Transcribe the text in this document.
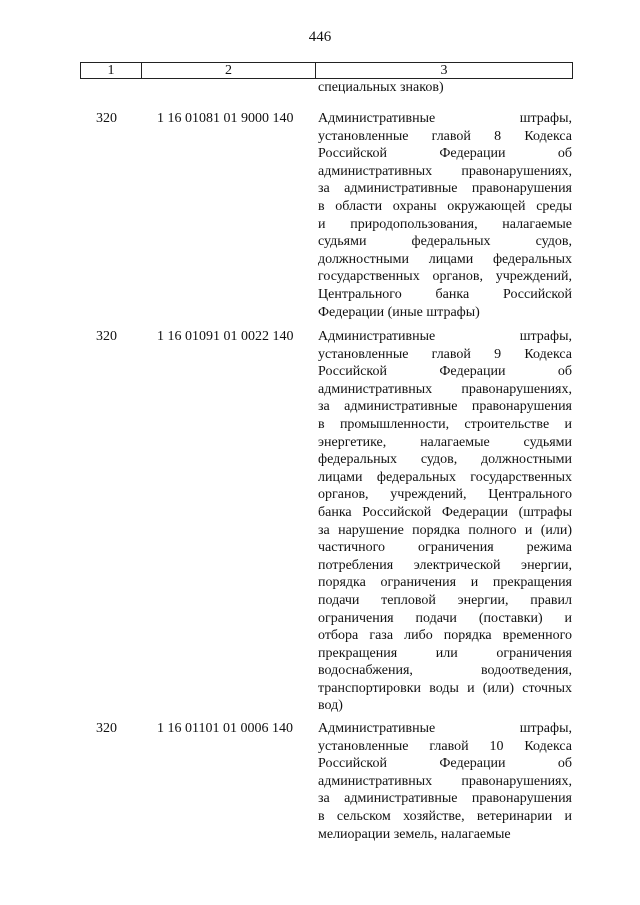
446
1	2	3
специальных знаков)
320	1 16 01081 01 9000 140 Административные штрафы,
установленные главой 8 Кодекса
Российской Федерации об
административных правонарушениях,
за административные правонарушения
в области охраны окружающей среды
и природопользования, налагаемые
судьями федеральных судов,
должностными лицами федеральных
государственных органов, учреждений,
Центрального банка Российской
Федерации (иные штрафы)
320	1 16 01091 01 0022 140 Административные штрафы,
установленные главой 9 Кодекса
Российской Федерации об
административных правонарушениях,
за административные правонарушения
в промышленности, строительстве и
энергетике, налагаемые судьями
федеральных судов, должностными
лицами федеральных государственных
органов, учреждений, Центрального
банка Российской Федерации (штрафы
за нарушение порядка полного и (или)
частичного ограничения режима
потребления электрической энергии,
порядка ограничения и прекращения
подачи тепловой энергии, правил
ограничения подачи (поставки) и
отбора газа либо порядка временного
прекращения или ограничения
водоснабжения, водоотведения,
транспортировки воды и (или) сточных
вод)
320	1 16 01101 01 0006 140 Административные штрафы,
установленные главой 10 Кодекса
Российской Федерации об
административных правонарушениях,
за административные правонарушения
в сельском хозяйстве, ветеринарии и
мелиорации земель, налагаемые
